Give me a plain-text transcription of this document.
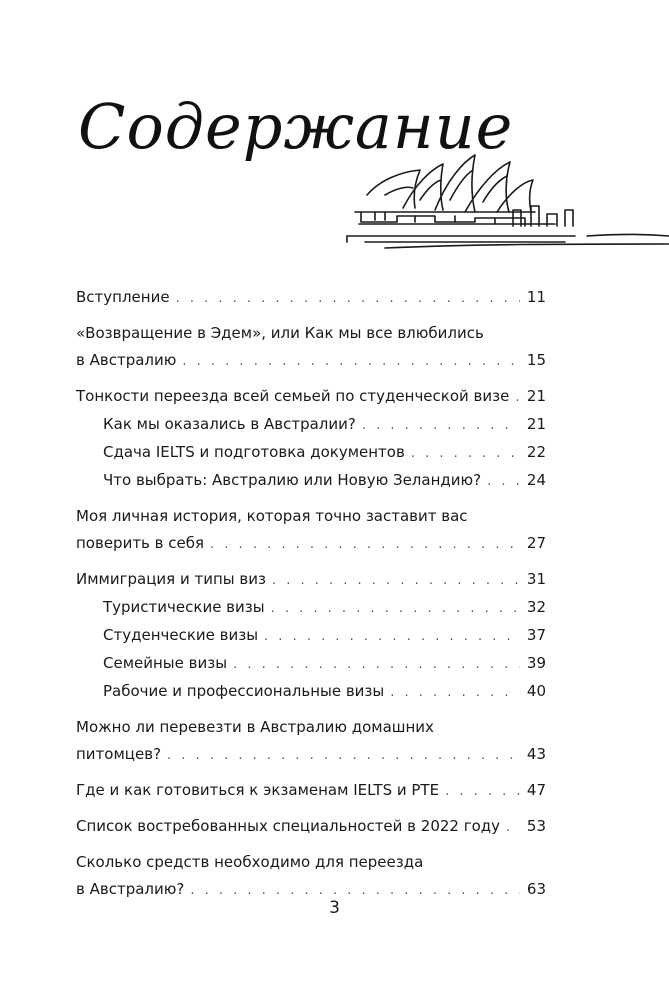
Содержание
Вступление . . .	11
«Возвращение в Эдем», или Как мы все влюбились
в Австралию . . .	15
Тонкости переезда всей семьей по студенческой визе . . . 21
Как мы оказались в Австралии? . . .	21
Сдача IELTS и подготовка документов . . .	22
Что выбрать: Австралию или Новую Зеландию? . . .	24
Моя личная история, которая точно заставит вас
поверить в себя . . .	27
Иммиграция и типы виз . . .	31
Туристические визы . . .	32
Студенческие визы . . .	37
Семейные визы . . .	39
Рабочие и профессиональные визы . . .	40
Можно ли перевезти в Австралию домашних
питомцев? . . .	43
Где и как готовиться к экзаменам IELTS и PTE . . .	47
Список востребованных специальностей в 2022 году . . . 53
Сколько средств необходимо для переезда
в Австралию? . . .	63
3
